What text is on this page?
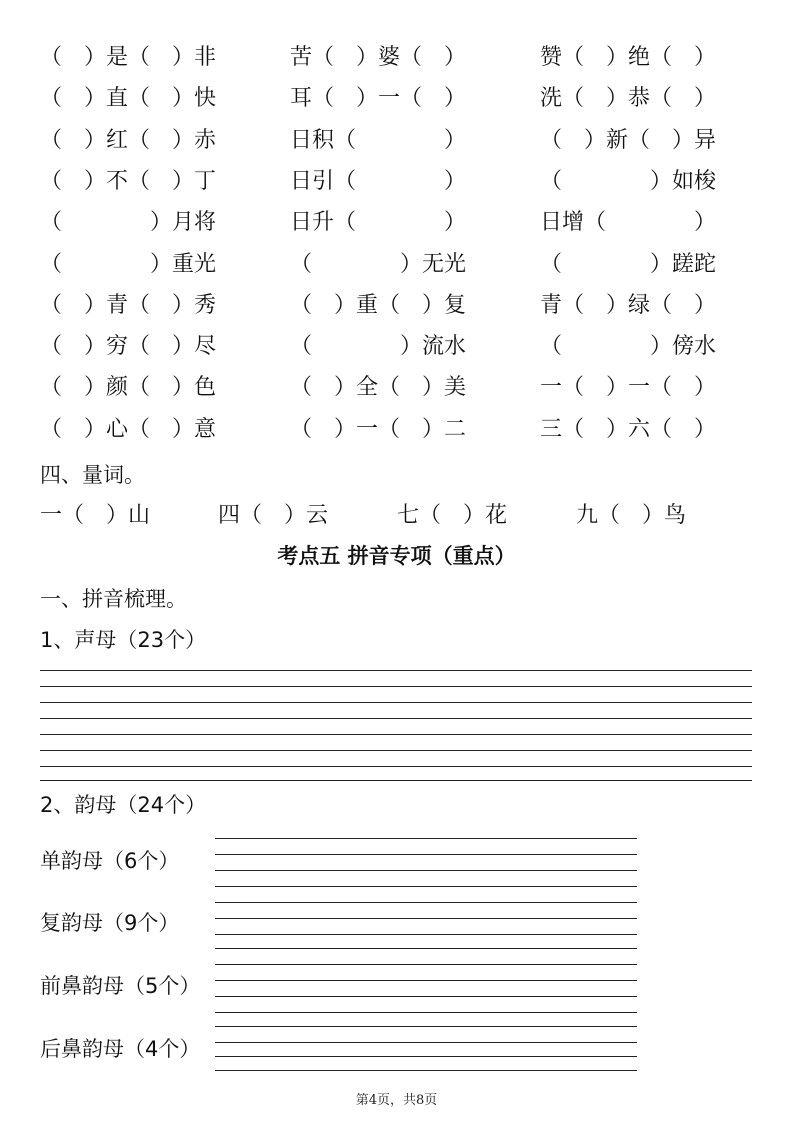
（　）是（　）非	苦（　）婆（　）	赞（　）绝（　）
（　）直（　）快	耳（　）一（　）	洗（　）恭（　）
（　）红（　）赤	日积（　　　　）	（　）新（　）异
（　）不（　）丁	日引（　　　　）	（　　　　）如梭
（　　　　）月将	日升（　　　　）	日增（　　　　）
（　　　　）重光	（　　　　）无光	（　　　　）蹉跎
（　）青（　）秀	（　）重（　）复	青（　）绿（　）
（　）穷（　）尽	（　　　　）流水	（　　　　）傍水
（　）颜（　）色	（　）全（　）美	一（　）一（　）
（　）心（　）意	（　）一（　）二	三（　）六（　）
四、量词。
一（　）山	四（　）云	七（　）花	九（　）鸟
考点五 拼音专项（重点）
一、拼音梳理。
1、声母（23个）
2、韵母（24个）
单韵母（6个）
复韵母（9个）
前鼻韵母（5个）
后鼻韵母（4个）
第4页，共8页
